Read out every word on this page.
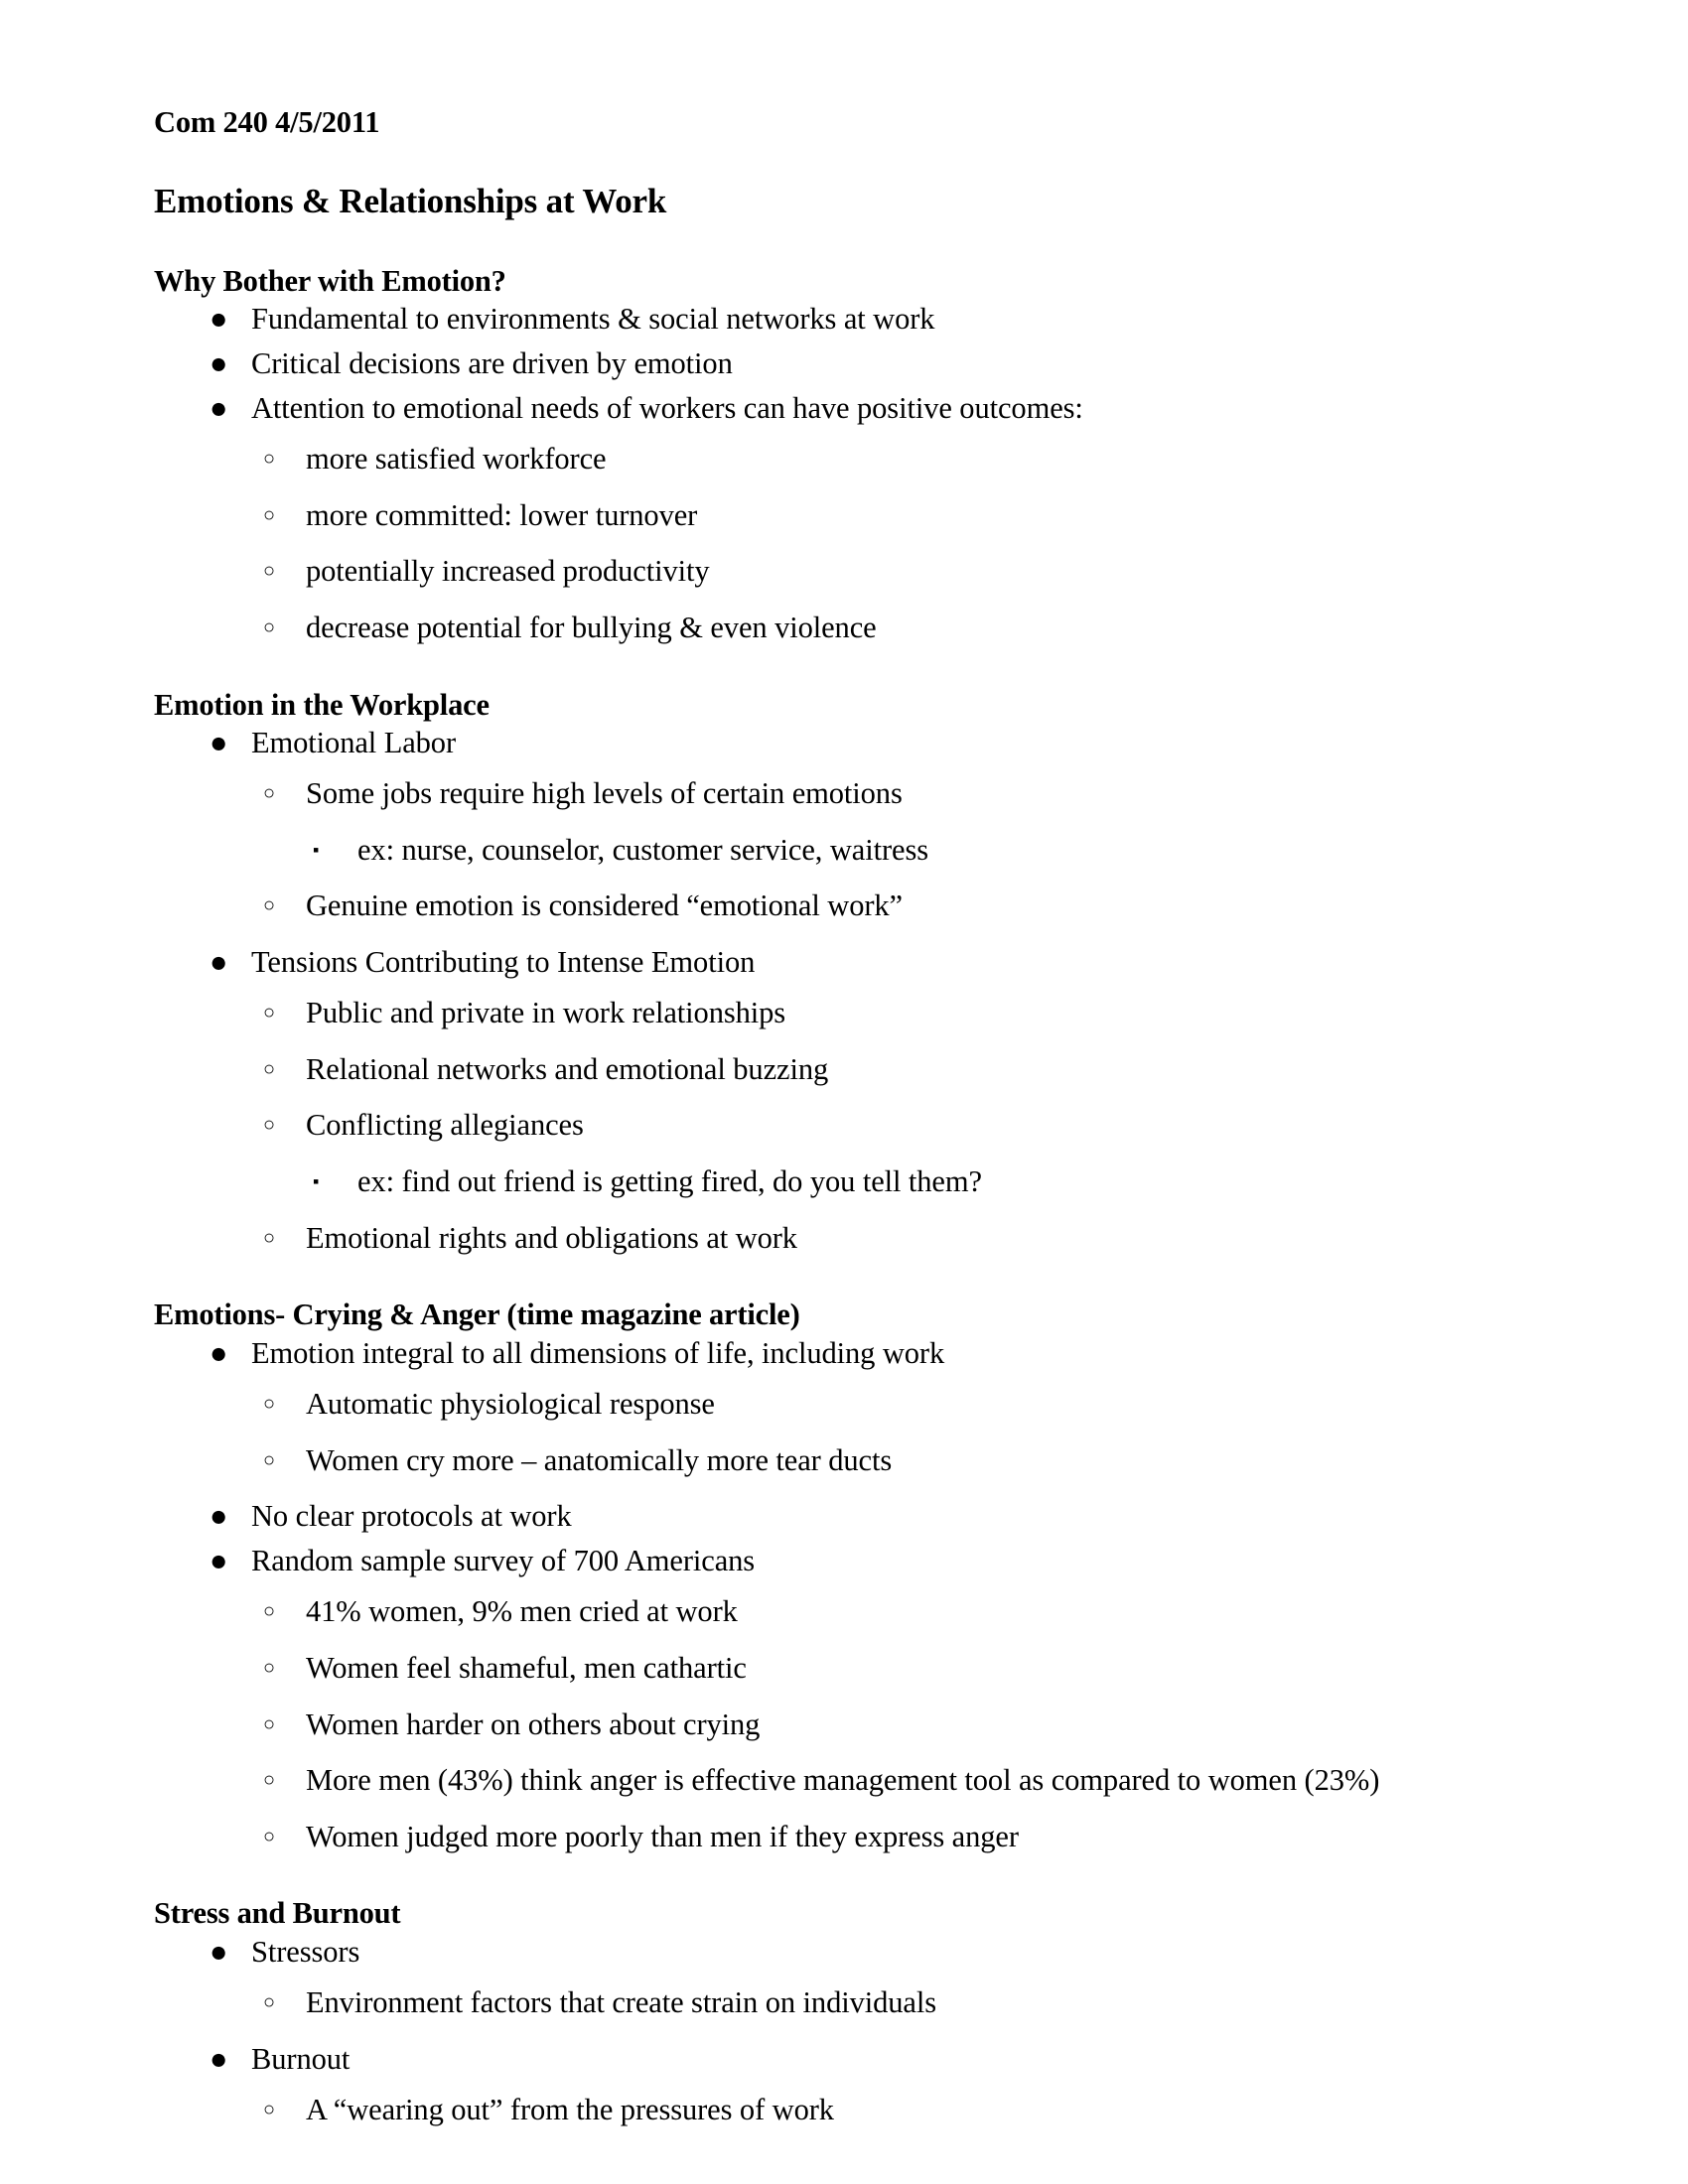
Com 240 4/5/2011
Emotions & Relationships at Work
Why Bother with Emotion?
● Fundamental to environments & social networks at work
● Critical decisions are driven by emotion
● Attention to emotional needs of workers can have positive outcomes:
○ more satisfied workforce
○ more committed: lower turnover
○ potentially increased productivity
○ decrease potential for bullying & even violence
Emotion in the Workplace
● Emotional Labor
○ Some jobs require high levels of certain emotions
▪ ex: nurse, counselor, customer service, waitress
○ Genuine emotion is considered “emotional work”
● Tensions Contributing to Intense Emotion
○ Public and private in work relationships
○ Relational networks and emotional buzzing
○ Conflicting allegiances
▪ ex: find out friend is getting fired, do you tell them?
○ Emotional rights and obligations at work
Emotions- Crying & Anger (time magazine article)
● Emotion integral to all dimensions of life, including work
○ Automatic physiological response
○ Women cry more – anatomically more tear ducts
● No clear protocols at work
● Random sample survey of 700 Americans
○ 41% women, 9% men cried at work
○ Women feel shameful, men cathartic
○ Women harder on others about crying
○ More men (43%) think anger is effective management tool as compared to women (23%)
○ Women judged more poorly than men if they express anger
Stress and Burnout
● Stressors
○ Environment factors that create strain on individuals
● Burnout
○ A “wearing out” from the pressures of work
